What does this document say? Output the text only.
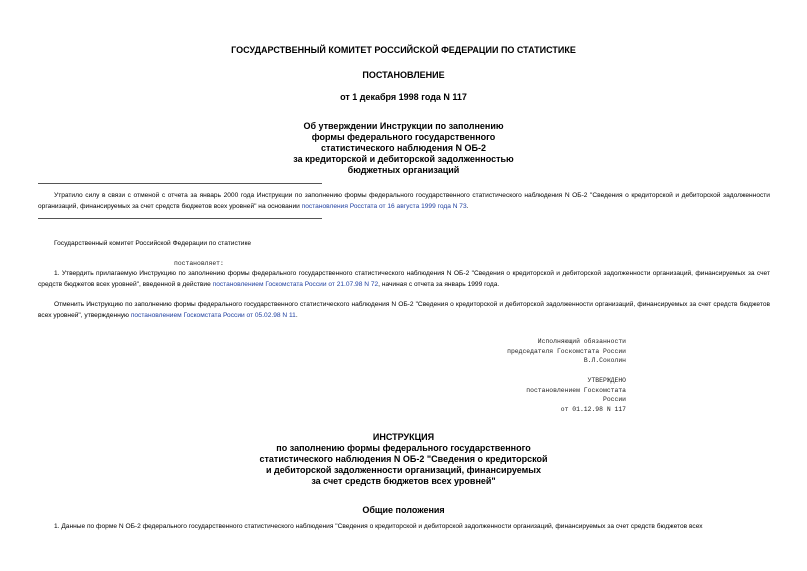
ГОСУДАРСТВЕННЫЙ КОМИТЕТ РОССИЙСКОЙ ФЕДЕРАЦИИ ПО СТАТИСТИКЕ
ПОСТАНОВЛЕНИЕ
от 1 декабря 1998 года N 117
Об утверждении Инструкции по заполнению
формы федерального государственного
статистического наблюдения N ОБ-2
за кредиторской и дебиторской задолженностью
бюджетных организаций
Утратило силу в связи с отменой с отчета за январь 2000 года Инструкции по заполнению формы федерального государственного статистического наблюдения N ОБ-2 "Сведения о кредиторской и дебиторской задолженности организаций, финансируемых за счет средств бюджетов всех уровней" на основании постановления Росстата от 16 августа 1999 года N 73.
Государственный комитет Российской Федерации по статистике
постановляет:
1. Утвердить прилагаемую Инструкцию по заполнению формы федерального государственного статистического наблюдения N ОБ-2 "Сведения о кредиторской и дебиторской задолженности организаций, финансируемых за счет средств бюджетов всех уровней", введенной в действие постановлением Госкомстата России от 21.07.98 N 72, начиная с отчета за январь 1999 года.
Отменить Инструкцию по заполнению формы федерального государственного статистического наблюдения N ОБ-2 "Сведения о кредиторской и дебиторской задолженности организаций, финансируемых за счет средств бюджетов всех уровней", утвержденную постановлением Госкомстата России от 05.02.98 N 11.
Исполняющий обязанности
председателя Госкомстата России
В.Л.Соколин
УТВЕРЖДЕНО
постановлением Госкомстата
России
от 01.12.98 N 117
ИНСТРУКЦИЯ
по заполнению формы федерального государственного
статистического наблюдения N ОБ-2 "Сведения о кредиторской
и дебиторской задолженности организаций, финансируемых
за счет средств бюджетов всех уровней"
Общие положения
1. Данные по форме N ОБ-2 федерального государственного статистического наблюдения "Сведения о кредиторской и дебиторской задолженности организаций, финансируемых за счет средств бюджетов всех
